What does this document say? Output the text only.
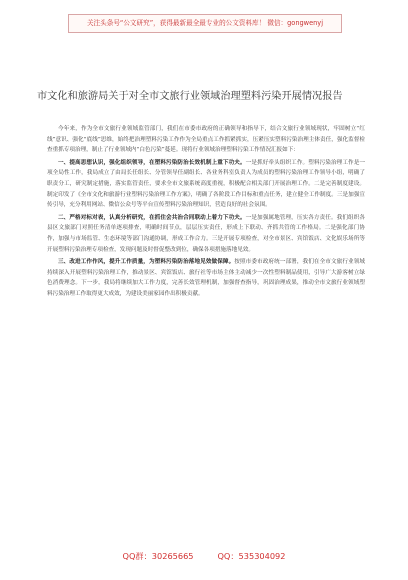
关注头条号“公文研究”，获得最新最全最专业的公文资料库！ 微信：gongwenyj
市文化和旅游局关于对全市文旅行业领域治理塑料污染开展情况报告

今年来，作为全市文旅行业领域监管部门，我们在市委市政府的正确领导和指导下，结合文旅行业领域现状，牢固树立“红线”意识、强化“底线”思维，始终把治理塑料污染工作作为全局重点工作抓紧抓实，压紧压实塑料污染治理主体责任，强化监督检查重抓专项治理，制止了行业领域内“白色污染”蔓延。现将行业领域治理塑料污染工作情况汇报如下：

一、提高思想认识，强化组织领导，在塑料污染防治长效机制上重下功夫。一是抓好牵头组织工作。塑料污染治理工作是一项全局性工作，我局成立了由局长任组长、分管领导任副组长、各业务科室负责人为成员的塑料污染治理工作领导小组，明确了职责分工，研究制定措施，落实监管责任，要求全市文旅系统高度重视，积极配合相关部门开展治理工作。二是完善制度建设。制定印发了《全市文化和旅游行业塑料污染治理工作方案》，明确了各阶段工作目标和重点任务，建立健全工作制度。三是加强宣传引导，充分利用网站、微信公众号等平台宣传塑料污染治理知识，营造良好的社会氛围。

二、严格对标对表，认真分析研究，在抓住会共治合同联动上着力下功夫。一是加强属地管理，压实各方责任。我们组织各县区文旅部门对照任务清单逐项排查，明确时间节点，层层压实责任，形成上下联动、齐抓共管的工作格局。二是强化部门协作，加强与市场监管、生态环境等部门沟通协调，形成工作合力。三是开展专项检查，对全市景区、宾馆饭店、文化娱乐场所等开展塑料污染治理专项检查，发现问题及时督促整改到位，确保各项措施落地见效。

三、改进工作作风，提升工作质量，为塑料污染防治落地见效做保障。按照市委市政府统一部署，我们在全市文旅行业领域持续深入开展塑料污染治理工作，推动景区、宾馆饭店、旅行社等市场主体主动减少一次性塑料制品使用，引导广大游客树立绿色消费理念。下一步，我局将继续加大工作力度，完善长效管理机制，加强督查指导，巩固治理成果，推动全市文旅行业领域塑料污染治理工作取得更大成效，为建设美丽家园作出积极贡献。

QQ群：30265665	QQ：535304092
